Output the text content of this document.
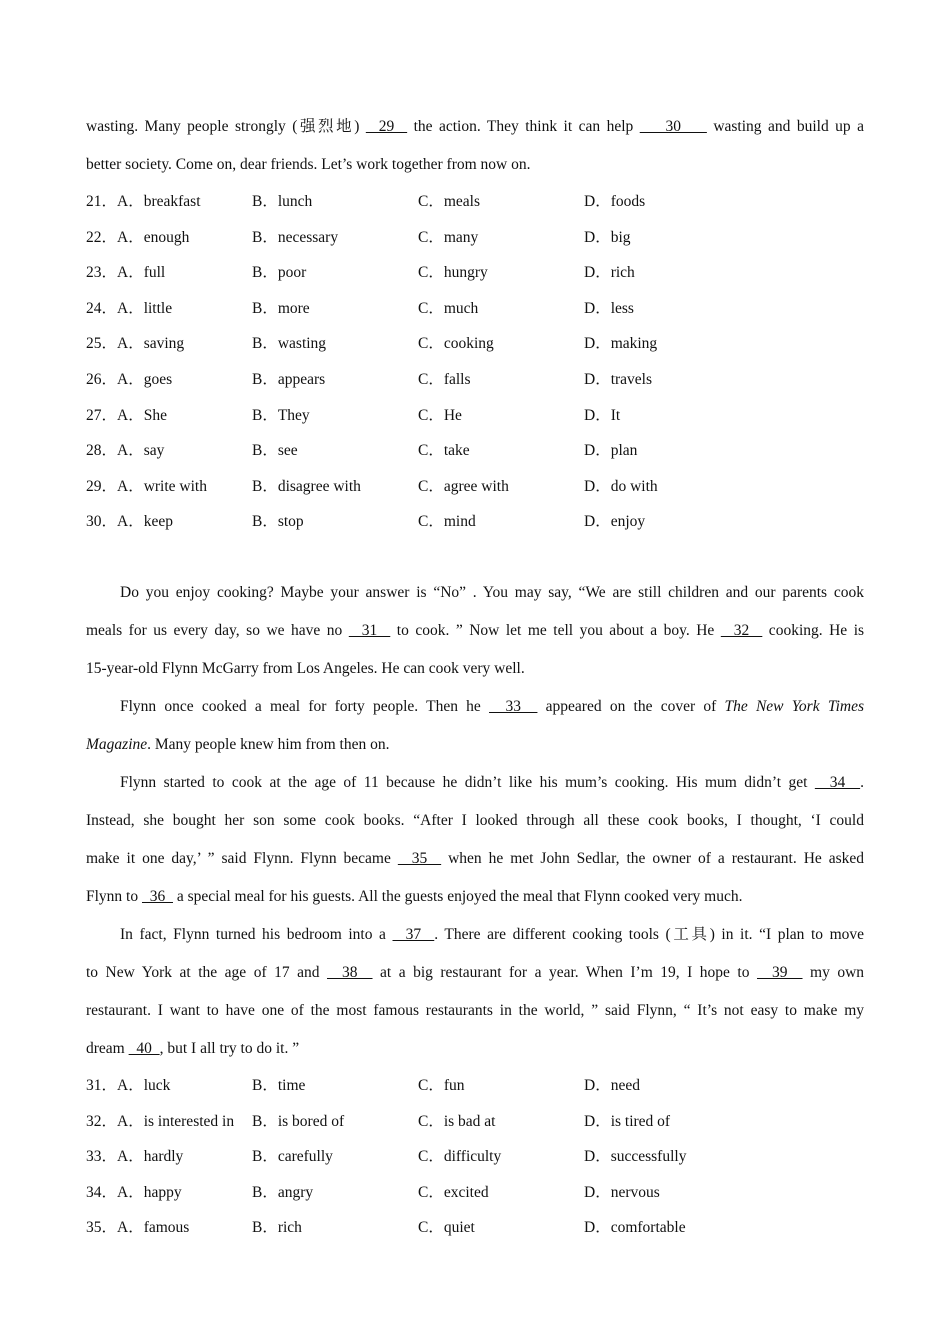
wasting. Many people strongly (强烈地)   29   the action. They think it can help     30     wasting and build up a
better society. Come on, dear friends. Let’s work together from now on.
21．A．breakfast	B．lunch	C．meals	D．foods
22．A．enough	B．necessary	C．many	D．big
23．A．full	B．poor	C．hungry	D．rich
24．A．little	B．more	C．much	D．less
25．A．saving	B．wasting	C．cooking	D．making
26．A．goes	B．appears	C．falls	D．travels
27．A．She	B．They	C．He	D．It
28．A．say	B．see	C．take	D．plan
29．A．write with	B．disagree with	C．agree with	D．do with
30．A．keep	B．stop	C．mind	D．enjoy
Do you enjoy cooking? Maybe your answer is “No” . You may say, “We are still children and our parents cook
meals for us every day, so we have no   31   to cook. ” Now let me tell you about a boy. He   32   cooking. He is
15-year-old Flynn McGarry from Los Angeles. He can cook very well.
Flynn once cooked a meal for forty people. Then he   33   appeared on the cover of The New York Times
Magazine. Many people knew him from then on.
Flynn started to cook at the age of 11 because he didn’t like his mum’s cooking. His mum didn’t get   34  .
Instead, she bought her son some cook books. “After I looked through all these cook books, I thought, ‘I could
make it one day,’ ” said Flynn. Flynn became   35   when he met John Sedlar, the owner of a restaurant. He asked
Flynn to   36   a special meal for his guests. All the guests enjoyed the meal that Flynn cooked very much.
In fact, Flynn turned his bedroom into a   37  . There are different cooking tools (工具) in it. “I plan to move
to New York at the age of 17 and   38   at a big restaurant for a year. When I’m 19, I hope to   39   my own
restaurant. I want to have one of the most famous restaurants in the world, ” said Flynn, “ It’s not easy to make my
dream   40  , but I all try to do it. ”
31．A．luck	B．time	C．fun	D．need
32．A．is interested in B．is bored of	C．is bad at	D．is tired of
33．A．hardly	B．carefully	C．difficulty	D．successfully
34．A．happy	B．angry	C．excited	D．nervous
35．A．famous	B．rich	C．quiet	D．comfortable
